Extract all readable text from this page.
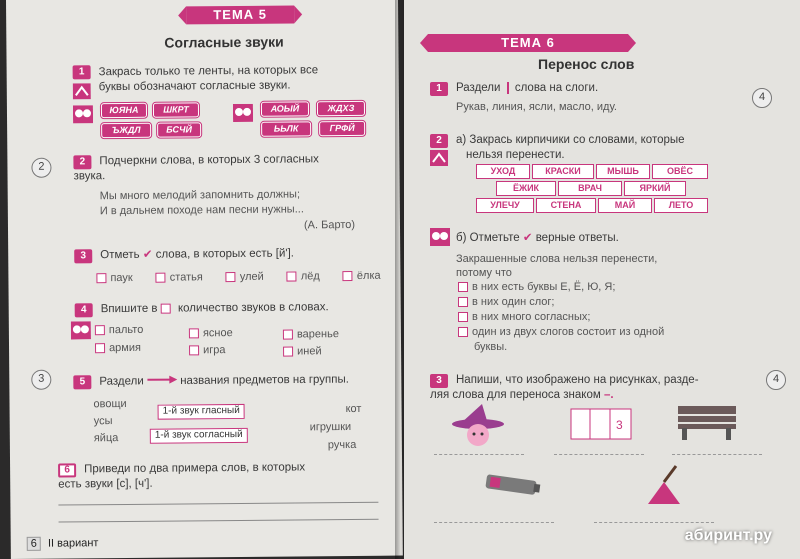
ТЕМА 5
Согласные звуки
1	Закрась только те ленты, на которых все
буквы обозначают согласные звуки.
ЮЯНА	ШКРТ	АОЫЙ	ЖДХЗ
ЪЖДЛ	БСЧЙ	ЬЬЛК	ГРФЙ
2	2	Подчеркни слова, в которых 3 согласных
звука.
Мы много мелодий запомнить должны;
И в дальнем походе нам песни нужны...
(А. Барто)
3	Отметь ✔ слова, в которых есть [й'].
паук	статья	улей	лёд	ёлка
4	Впишите в количество звуков в словах.
пальто	ясное	варенье
армия	игра	иней
3	5	Раздели	названия предметов на группы.
овощи
усы
яйца
1-й звук гласный
1-й звук согласный
кот
игрушки
ручка
6	Приведи по два примера слов, в которых
есть звуки [с], [ч'].
6 II вариант
ТЕМА 6
Перенос слов
4
1	Раздели слова на слоги.
Рукав, линия, ясли, масло, иду.
2	а) Закрась кирпичики со словами, которые
нельзя перенести.
УХОД	КРАСКИ	МЫШЬ	ОВЁС
ЁЖИК	ВРАЧ	ЯРКИЙ
УЛЕЧУ	СТЕНА	МАЙ	ЛЕТО
б) Отметьте ✔ верные ответы.
Закрашенные слова нельзя перенести,
потому что
в них есть буквы Е, Ё, Ю, Я;
в них один слог;
в них много согласных;
один из двух слогов состоит из одной
буквы.
4
3	Напиши, что изображено на рисунках, разде-
ляя слова для переноса знаком –.
3
абиринт.ру
